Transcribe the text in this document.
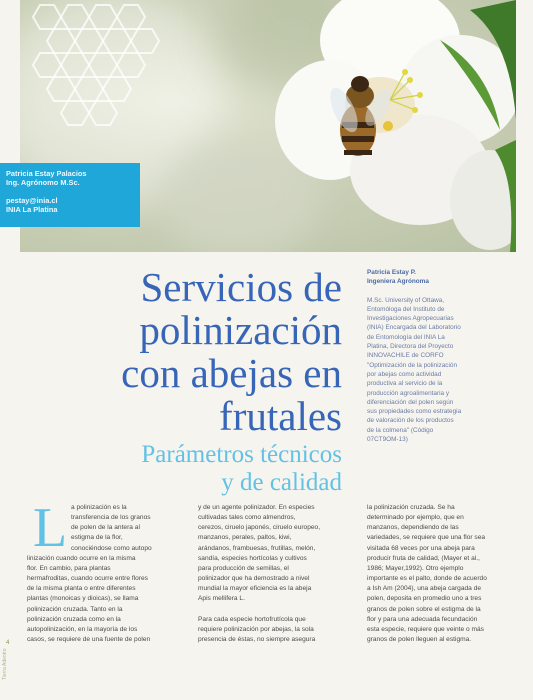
Patricia Estay Palacios
Ing. Agrónomo M.Sc.
pestay@inia.cl
INIA La Platina
Servicios de
polinización
con abejas en
frutales
Parámetros técnicos
y de calidad
Patricia Estay P.
Ingeniera Agrónoma
M.Sc. University of Ottawa,
Entomóloga del Instituto de
Investigaciones Agropecuarias
(INIA) Encargada del Laboratorio
de Entomología del INIA La
Platina, Directora del Proyecto
INNOVACHILE de CORFO
"Optimización de la polinización
por abejas como actividad
productiva al servicio de la
producción agroalimentaria y
diferenciación del polen según
sus propiedades como estrategia
de valoración de los productos
de la colmena" (Código
07CT9OM-13)
L a polinización es la
transferencia de los granos
de polen de la antera al
estigma de la flor,
conociéndose como autopo
linización cuando ocurre en la misma
flor. En cambio, para plantas
hermafroditas, cuando ocurre entre flores
de la misma planta o entre diferentes
plantas (monoicas y dioicas), se llama
polinización cruzada. Tanto en la
polinización cruzada como en la
autopolinización, en la mayoría de los
casos, se requiere de una fuente de polen
y de un agente polinizador. En especies
cultivadas tales como almendros,
cerezos, ciruelo japonés, ciruelo europeo,
manzanos, perales, paltos, kiwi,
arándanos, frambuesas, frutillas, melón,
sandía, especies hortícolas y cultivos
para producción de semillas, el
polinizador que ha demostrado a nivel
mundial la mayor eficiencia es la abeja
Apis mellifera L.
Para cada especie hortofrutícola que
requiere polinización por abejas, la sola
presencia de éstas, no siempre asegura
la polinización cruzada. Se ha
determinado por ejemplo, que en
manzanos, dependiendo de las
variedades, se requiere que una flor sea
visitada 68 veces por una abeja para
producir fruta de calidad, (Mayer et al.,
1986; Mayer,1992). Otro ejemplo
importante es el palto, donde de acuerdo
a Ish Am (2004), una abeja cargada de
polen, deposita en promedio uno a tres
granos de polen sobre el estigma de la
flor y para una adecuada fecundación
esta especie, requiere que veinte o más
granos de polen lleguen al estigma.
4
Tierra Adentro
